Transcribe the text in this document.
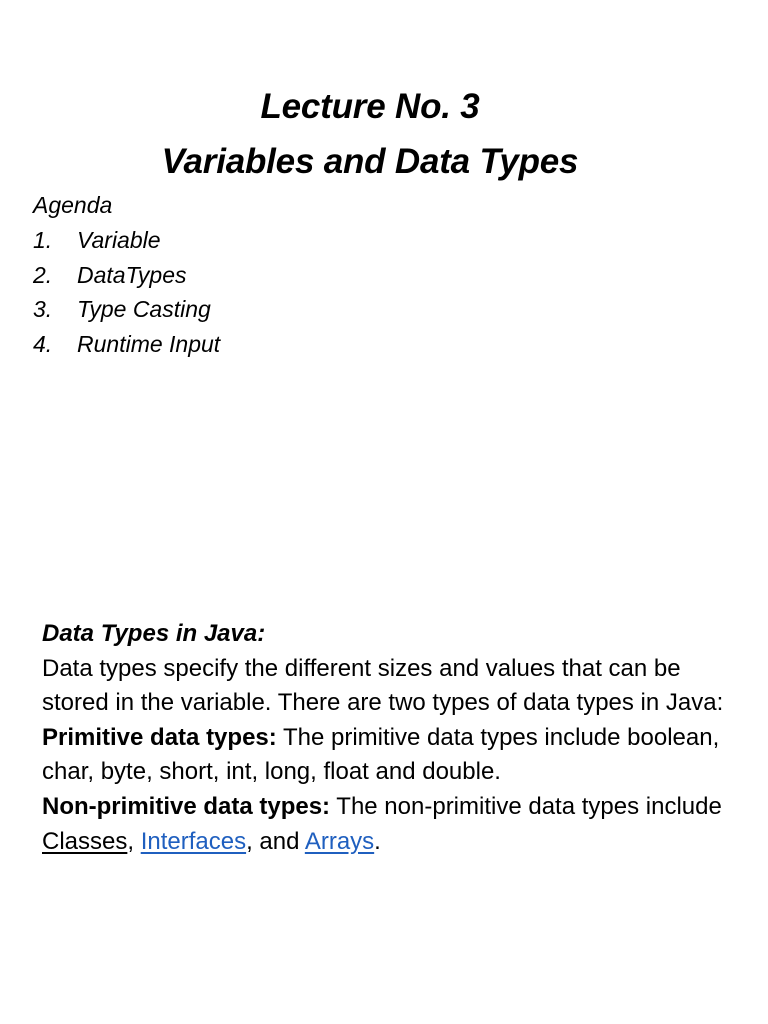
Lecture No. 3
Variables and Data Types
Agenda
1.	Variable
2.	DataTypes
3.	Type Casting
4.	Runtime Input

Data Types in Java:

Data types specify the different sizes and values that can be stored in the variable. There are two types of data types in Java:

Primitive data types: The primitive data types include boolean, char, byte, short, int, long, float and double.

Non-primitive data types: The non-primitive data types include Classes, Interfaces, and Arrays.
